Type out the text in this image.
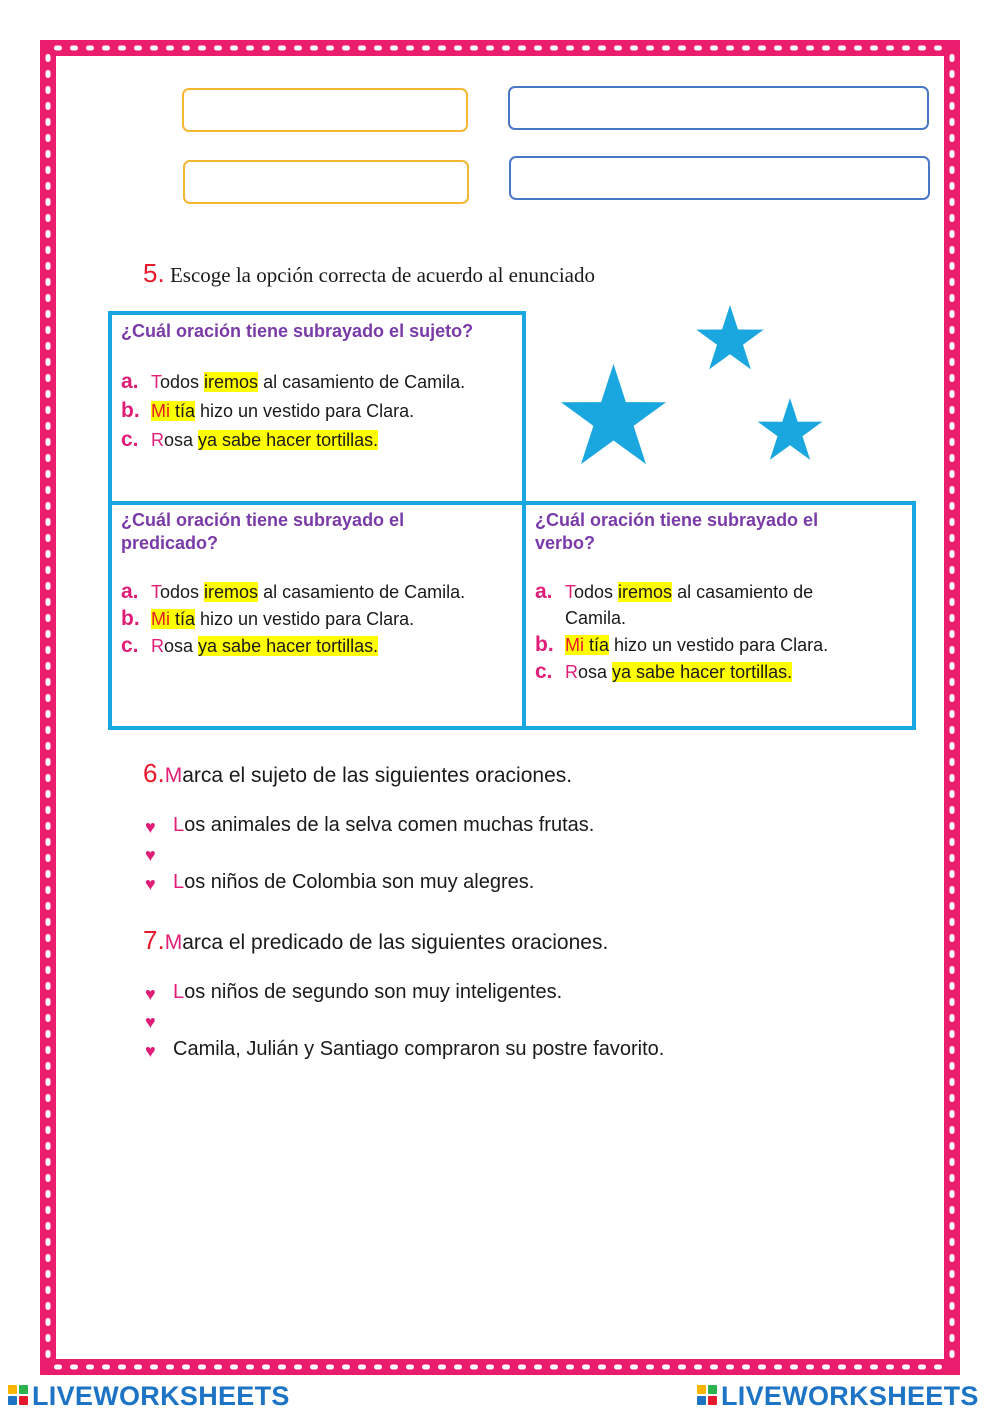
5. Escoge la opción correcta de acuerdo al enunciado
¿Cuál oración tiene subrayado el sujeto?
a. Todos iremos al casamiento de Camila.
b. Mi tía hizo un vestido para Clara.
c. Rosa ya sabe hacer tortillas.
¿Cuál oración tiene subrayado el predicado?
a. Todos iremos al casamiento de Camila.
b. Mi tía hizo un vestido para Clara.
c. Rosa ya sabe hacer tortillas.
¿Cuál oración tiene subrayado el verbo?
a. Todos iremos al casamiento de Camila.
b. Mi tía hizo un vestido para Clara.
c. Rosa ya sabe hacer tortillas.
6.Marca el sujeto de las siguientes oraciones.
♥ Los animales de la selva comen muchas frutas.
♥
♥ Los niños de Colombia son muy alegres.
7.Marca el predicado de las siguientes oraciones.
♥ Los niños de segundo son muy inteligentes.
♥
♥ Camila, Julián y Santiago compraron su postre favorito.
LIVEWORKSHEETS	LIVEWORKSHEETS
